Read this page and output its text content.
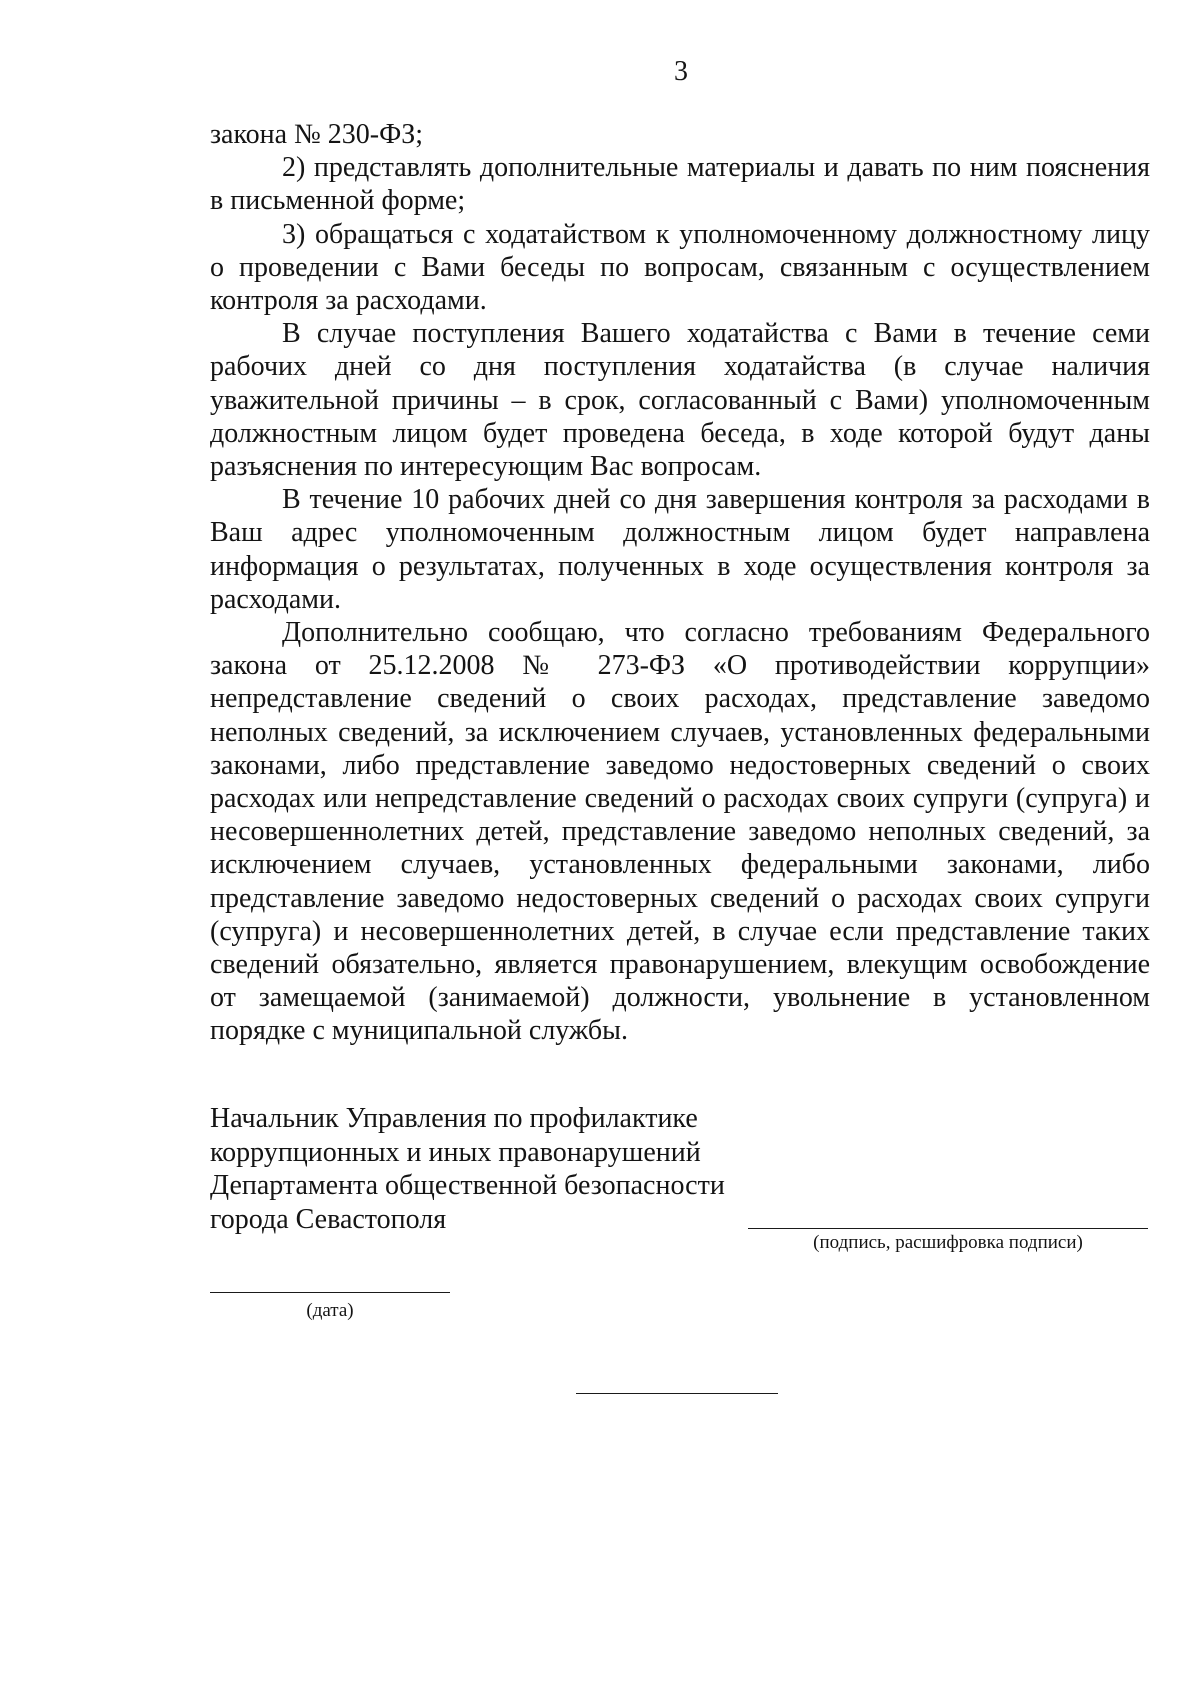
3

закона № 230-ФЗ;

2) представлять дополнительные материалы и давать по ним пояснения в письменной форме;

3) обращаться с ходатайством к уполномоченному должностному лицу о проведении с Вами беседы по вопросам, связанным с осуществлением контроля за расходами.

В случае поступления Вашего ходатайства с Вами в течение семи рабочих дней со дня поступления ходатайства (в случае наличия уважительной причины – в срок, согласованный с Вами) уполномоченным должностным лицом будет проведена беседа, в ходе которой будут даны разъяснения по интересующим Вас вопросам.

В течение 10 рабочих дней со дня завершения контроля за расходами в Ваш адрес уполномоченным должностным лицом будет направлена информация о результатах, полученных в ходе осуществления контроля за расходами.

Дополнительно сообщаю, что согласно требованиям Федерального закона от 25.12.2008 № 273-ФЗ «О противодействии коррупции» непредставление сведений о своих расходах, представление заведомо неполных сведений, за исключением случаев, установленных федеральными законами, либо представление заведомо недостоверных сведений о своих расходах или непредставление сведений о расходах своих супруги (супруга) и несовершеннолетних детей, представление заведомо неполных сведений, за исключением случаев, установленных федеральными законами, либо представление заведомо недостоверных сведений о расходах своих супруги (супруга) и несовершеннолетних детей, в случае если представление таких сведений обязательно, является правонарушением, влекущим освобождение от замещаемой (занимаемой) должности, увольнение в установленном порядке с муниципальной службы.

Начальник Управления по профилактике
коррупционных и иных правонарушений
Департамента общественной безопасности
города Севастополя
(подпись, расшифровка подписи)
(дата)
